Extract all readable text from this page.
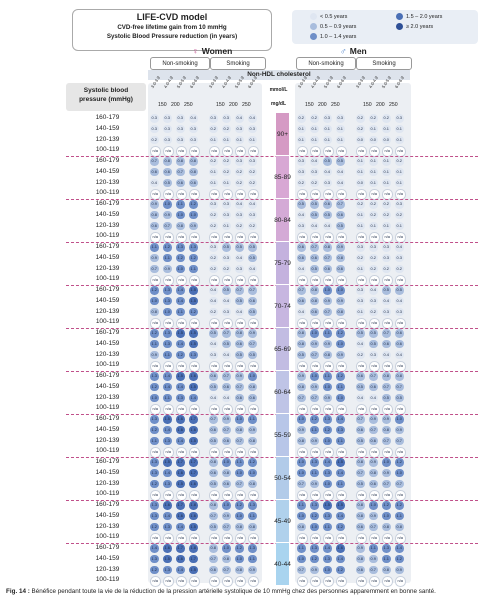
LIFE-CVD model
CVD-free lifetime gain from 10 mmHg
Systolic Blood Pressure reduction (in years)
< 0.5 years
0.5 – 0.9 years
1.0 – 1.4 years
1.5 – 2.0 years
≥ 2.0 years
♀ Women	♂ Men
Non-smoking	Smoking	Non-smoking	Smoking
Non-HDL cholesterol
Systolic blood
pressure (mmHg)
mmol/L
mg/dL
160-179	0.3	0.3	0.3	0.4	0.3	0.3	0.4	0.4	0.2	0.2	0.3	0.3	0.2	0.2	0.2	0.3
140-159	0.3	0.3	0.3	0.3	0.2	0.2	0.3	0.3	0.1	0.1	0.1	0.1	0.2	0.1	0.1	0.1
120-139	0.2	0.3	0.3	0.3	0.1	0.1	0.1	0.1	0.1	0.1	0.1	0.1	0.0	0.0	0.0	0.1
100-119	n/a	n/a	n/a	n/a	n/a	n/a	n/a	n/a	n/a	n/a	n/a	n/a	n/a	n/a	n/a	n/a
160-179	0.7	0.8	0.8	0.8	0.2	0.2	0.3	0.3	0.3	0.4	0.5	0.5	0.1	0.1	0.1	0.2
140-159	0.6	0.6	0.7	0.8	0.1	0.2	0.2	0.2	0.3	0.3	0.4	0.4	0.1	0.1	0.1	0.1
120-139	0.4	0.5	0.6	0.6	0.1	0.1	0.2	0.2	0.2	0.2	0.3	0.4	0.0	0.1	0.1	0.1
100-119	n/a	n/a	n/a	n/a	n/a	n/a	n/a	n/a	n/a	n/a	n/a	n/a	n/a	n/a	n/a	n/a
160-179	0.9	1.0	1.1	1.2	0.3	0.3	0.4	0.4	0.5	0.5	0.6	0.7	0.2	0.2	0.2	0.3
140-159	0.8	0.9	1.0	1.0	0.2	0.3	0.3	0.3	0.4	0.5	0.5	0.6	0.1	0.2	0.2	0.2
120-139	0.6	0.7	0.8	0.9	0.2	0.1	0.2	0.2	0.3	0.4	0.4	0.5	0.1	0.1	0.1	0.1
100-119	n/a	n/a	n/a	n/a	n/a	n/a	n/a	n/a	n/a	n/a	n/a	n/a	n/a	n/a	n/a	n/a
160-179	1.1	1.2	1.3	1.3	0.3	0.5	0.5	0.5	0.6	0.7	0.8	0.9	0.3	0.3	0.3	0.4
140-159	0.9	1.1	1.2	1.2	0.2	0.3	0.4	0.5	0.6	0.6	0.7	0.8	0.2	0.2	0.3	0.3
120-139	0.7	0.9	1.0	1.1	0.2	0.2	0.3	0.4	0.4	0.5	0.6	0.6	0.1	0.2	0.2	0.2
100-119	n/a	n/a	n/a	n/a	n/a	n/a	n/a	n/a	n/a	n/a	n/a	n/a	n/a	n/a	n/a	n/a
160-179	1.2	1.3	1.4	1.5	0.4	0.5	0.7	0.7	0.7	0.8	1.0	1.0	0.3	0.4	0.5	0.5
140-159	1.0	1.3	1.4	1.5	0.4	0.4	0.5	0.6	0.6	0.8	0.9	0.9	0.3	0.3	0.4	0.4
120-139	0.8	1.0	1.1	1.2	0.2	0.3	0.4	0.5	0.4	0.6	0.7	0.8	0.1	0.2	0.3	0.3
100-119	n/a	n/a	n/a	n/a	n/a	n/a	n/a	n/a	n/a	n/a	n/a	n/a	n/a	n/a	n/a	n/a
160-179	1.2	1.3	1.5	1.5	0.5	0.7	0.8	0.9	0.8	1.0	1.1	1.2	0.5	0.5	0.7	0.6
140-159	1.1	1.3	1.4	1.5	0.4	0.5	0.6	0.7	0.8	0.9	0.9	1.0	0.4	0.5	0.6	0.6
120-139	0.9	1.1	1.2	1.3	0.3	0.4	0.5	0.5	0.5	0.7	0.8	0.9	0.2	0.3	0.4	0.4
100-119	n/a	n/a	n/a	n/a	n/a	n/a	n/a	n/a	n/a	n/a	n/a	n/a	n/a	n/a	n/a	n/a
160-179	1.3	1.4	1.5	1.6	0.6	0.7	0.9	1.0	0.9	1.0	1.1	1.2	0.6	0.7	0.8	0.8
140-159	1.2	1.4	1.4	1.5	0.5	0.6	0.7	0.8	0.8	0.9	1.0	1.1	0.5	0.6	0.7	0.7
120-139	1.0	1.1	1.3	1.4	0.4	0.4	0.6	0.6	0.7	0.7	0.9	1.0	0.4	0.4	0.5	0.5
100-119	n/a	n/a	n/a	n/a	n/a	n/a	n/a	n/a	n/a	n/a	n/a	n/a	n/a	n/a	n/a	n/a
160-179	1.3	1.5	1.6	1.7	0.7	0.9	1.0	1.1	1.0	1.2	1.3	1.4	0.7	0.9	0.9	1.0
140-159	1.2	1.4	1.6	1.6	0.6	0.7	0.8	0.9	0.9	1.1	1.2	1.3	0.6	0.7	0.8	0.9
120-139	1.1	1.3	1.4	1.5	0.5	0.6	0.7	0.8	0.8	0.9	1.0	1.1	0.5	0.6	0.7	0.7
100-119	n/a	n/a	n/a	n/a	n/a	n/a	n/a	n/a	n/a	n/a	n/a	n/a	n/a	n/a	n/a	n/a
160-179	1.3	1.5	1.7	1.7	0.8	1.0	1.1	1.2	1.0	1.3	1.4	1.5	0.8	0.9	1.0	1.2
140-159	1.3	1.4	1.6	1.7	0.6	0.8	1.0	1.0	1.0	1.1	1.3	1.4	0.7	0.8	0.9	1.0
120-139	1.2	1.3	1.5	1.6	0.5	0.6	0.7	0.8	0.7	0.9	1.0	1.1	0.5	0.6	0.7	0.7
100-119	n/a	n/a	n/a	n/a	n/a	n/a	n/a	n/a	n/a	n/a	n/a	n/a	n/a	n/a	n/a	n/a
160-179	1.3	1.6	1.7	1.8	0.8	1.0	1.2	1.3	1.1	1.3	1.5	1.5	0.8	1.0	1.2	1.2
140-159	1.3	1.4	1.6	1.6	0.7	0.9	1.0	1.1	1.0	1.2	1.3	1.4	0.8	0.9	1.0	1.1
120-139	1.2	1.3	1.4	1.5	0.5	0.7	0.8	0.8	0.8	1.0	1.1	1.2	0.6	0.7	0.8	0.8
100-119	n/a	n/a	n/a	n/a	n/a	n/a	n/a	n/a	n/a	n/a	n/a	n/a	n/a	n/a	n/a	n/a
160-179	1.4	1.6	1.7	1.8	0.8	1.0	1.2	1.3	1.1	1.3	1.4	1.6	0.9	1.1	1.3	1.4
140-159	1.3	1.5	1.6	1.7	0.7	0.8	1.0	1.1	1.0	1.2	1.3	1.4	0.8	0.9	1.1	1.2
120-139	1.2	1.3	1.4	1.5	0.6	0.7	0.8	0.9	0.7	0.9	1.0	1.2	0.6	0.7	0.8	0.9
100-119	n/a	n/a	n/a	n/a	n/a	n/a	n/a	n/a	n/a	n/a	n/a	n/a	n/a	n/a	n/a	n/a
90+
85-89
80-84
75-79
70-74
65-69
60-64
55-59
50-54
45-49
40-44
Fig. 14 : Bénéfice pendant toute la vie de la réduction de la pression artérielle systolique de 10 mmHg chez des personnes apparemment en bonne santé.
3.0-3.9 4.0-4.9 5.0-5.9 6.0-6.9
150 200 250
3.0-3.9 4.0-4.9 5.0-5.9 6.0-6.9
150 200 250
3.0-3.9 4.0-4.9 5.0-5.9 6.0-6.9
150 200 250
3.0-3.9 4.0-4.9 5.0-5.9 6.0-6.9
150 200 250
